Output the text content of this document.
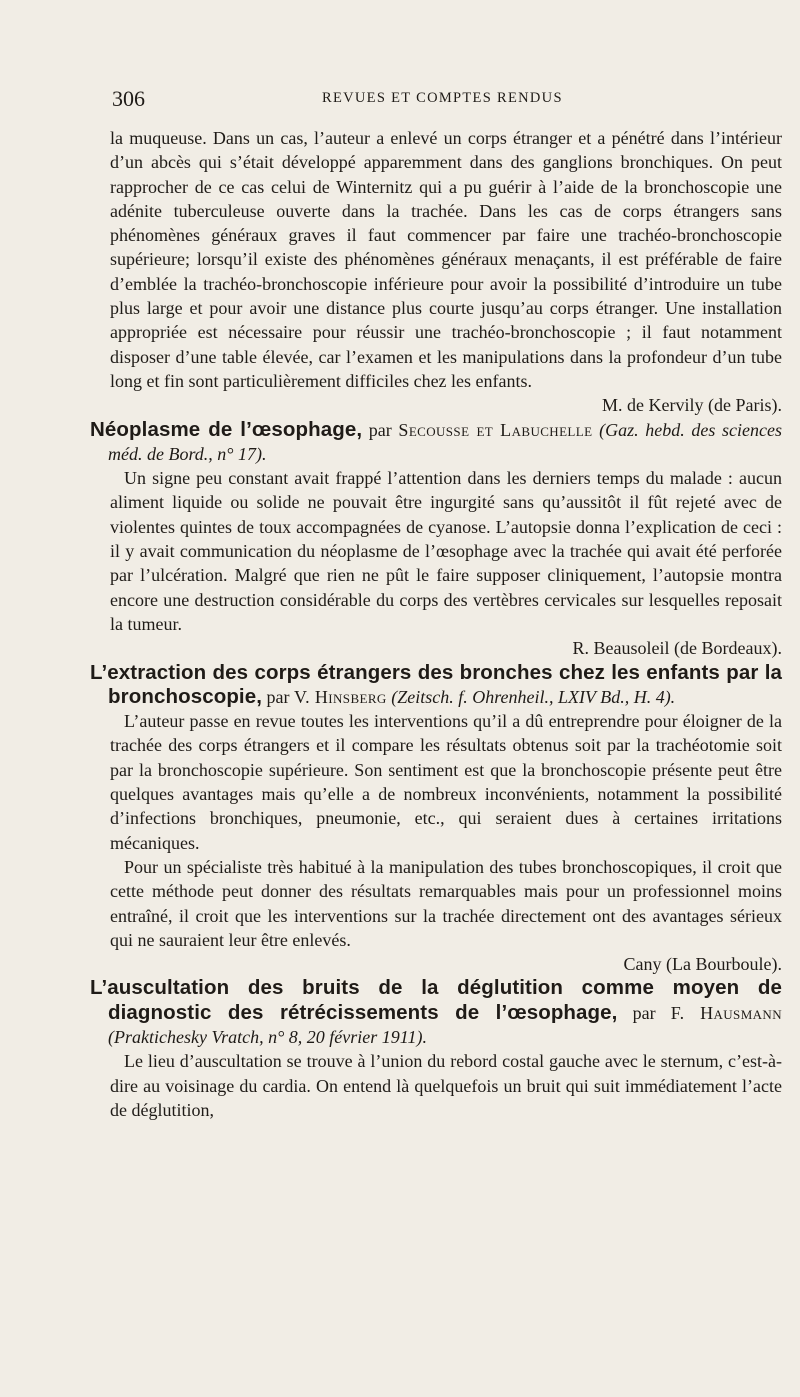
306	REVUES ET COMPTES RENDUS

la muqueuse. Dans un cas, l’auteur a enlevé un corps étranger et a pénétré dans l’intérieur d’un abcès qui s’était développé apparemment dans des ganglions bronchiques. On peut rapprocher de ce cas celui de Winternitz qui a pu guérir à l’aide de la bronchoscopie une adénite tuberculeuse ouverte dans la trachée. Dans les cas de corps étrangers sans phénomènes généraux graves il faut commencer par faire une trachéo-bronchoscopie supérieure; lorsqu’il existe des phénomènes généraux menaçants, il est préférable de faire d’emblée la trachéo-bronchoscopie inférieure pour avoir la possibilité d’introduire un tube plus large et pour avoir une distance plus courte jusqu’au corps étranger. Une installation appropriée est nécessaire pour réussir une trachéo-bronchoscopie ; il faut notamment disposer d’une table élevée, car l’examen et les manipulations dans la profondeur d’un tube long et fin sont particulièrement difficiles chez les enfants.

M. de Kervily (de Paris).

Néoplasme de l’œsophage, par Secousse et Labuchelle (Gaz. hebd. des sciences méd. de Bord., n° 17).

Un signe peu constant avait frappé l’attention dans les derniers temps du malade : aucun aliment liquide ou solide ne pouvait être ingurgité sans qu’aussitôt il fût rejeté avec de violentes quintes de toux accompagnées de cyanose. L’autopsie donna l’explication de ceci : il y avait communication du néoplasme de l’œsophage avec la trachée qui avait été perforée par l’ulcération. Malgré que rien ne pût le faire supposer cliniquement, l’autopsie montra encore une destruction considérable du corps des vertèbres cervicales sur lesquelles reposait la tumeur.

R. Beausoleil (de Bordeaux).

L’extraction des corps étrangers des bronches chez les enfants par la bronchoscopie, par V. Hinsberg (Zeitsch. f. Ohrenheil., LXIV Bd., H. 4).

L’auteur passe en revue toutes les interventions qu’il a dû entreprendre pour éloigner de la trachée des corps étrangers et il compare les résultats obtenus soit par la trachéotomie soit par la bronchoscopie supérieure. Son sentiment est que la bronchoscopie présente peut être quelques avantages mais qu’elle a de nombreux inconvénients, notamment la possibilité d’infections bronchiques, pneumonie, etc., qui seraient dues à certaines irritations mécaniques.

Pour un spécialiste très habitué à la manipulation des tubes bronchoscopiques, il croit que cette méthode peut donner des résultats remarquables mais pour un professionnel moins entraîné, il croit que les interventions sur la trachée directement ont des avantages sérieux qui ne sauraient leur être enlevés.

Cany (La Bourboule).

L’auscultation des bruits de la déglutition comme moyen de diagnostic des rétrécissements de l’œsophage, par F. Hausmann (Praktichesky Vratch, n° 8, 20 février 1911).

Le lieu d’auscultation se trouve à l’union du rebord costal gauche avec le sternum, c’est-à-dire au voisinage du cardia. On entend là quelquefois un bruit qui suit immédiatement l’acte de déglutition,
